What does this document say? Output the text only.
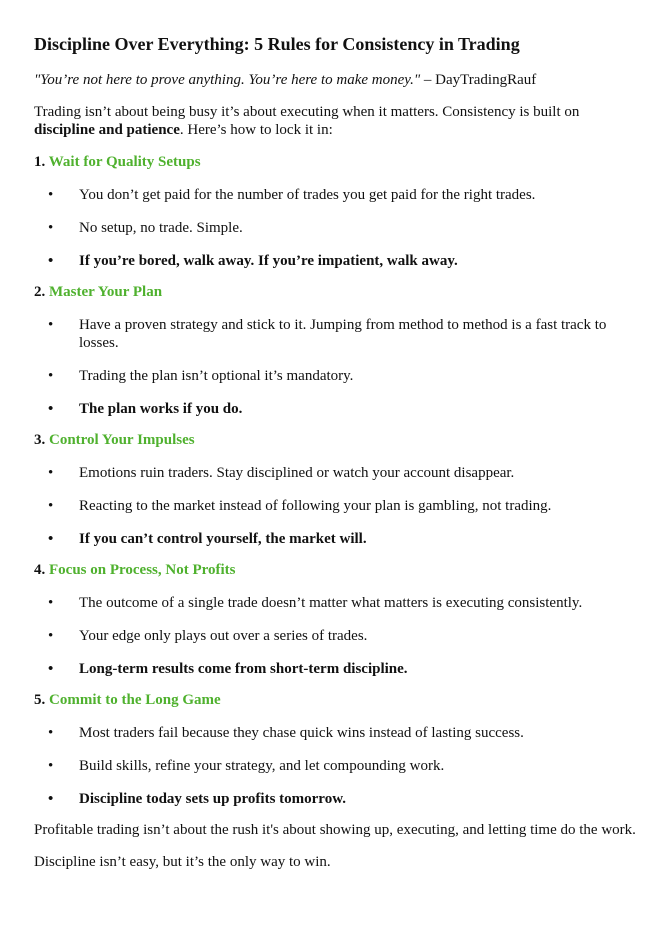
Discipline Over Everything: 5 Rules for Consistency in Trading
"You’re not here to prove anything. You’re here to make money." – DayTradingRauf
Trading isn’t about being busy it’s about executing when it matters. Consistency is built on discipline and patience. Here’s how to lock it in:
1. Wait for Quality Setups
• You don’t get paid for the number of trades you get paid for the right trades.
• No setup, no trade. Simple.
• If you’re bored, walk away. If you’re impatient, walk away.
2. Master Your Plan
• Have a proven strategy and stick to it. Jumping from method to method is a fast track to losses.
• Trading the plan isn’t optional it’s mandatory.
• The plan works if you do.
3. Control Your Impulses
• Emotions ruin traders. Stay disciplined or watch your account disappear.
• Reacting to the market instead of following your plan is gambling, not trading.
• If you can’t control yourself, the market will.
4. Focus on Process, Not Profits
• The outcome of a single trade doesn’t matter what matters is executing consistently.
• Your edge only plays out over a series of trades.
• Long-term results come from short-term discipline.
5. Commit to the Long Game
• Most traders fail because they chase quick wins instead of lasting success.
• Build skills, refine your strategy, and let compounding work.
• Discipline today sets up profits tomorrow.
Profitable trading isn’t about the rush it's about showing up, executing, and letting time do the work.
Discipline isn’t easy, but it’s the only way to win.
